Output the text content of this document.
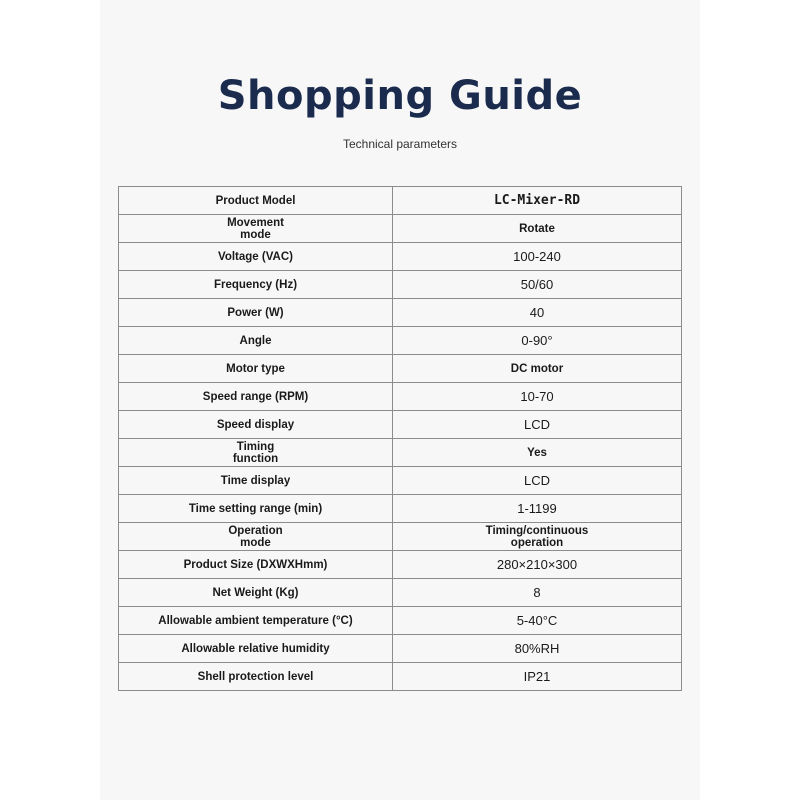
Shopping Guide
Technical parameters
Product Model	LC-Mixer-RD
Movement mode	Rotate
Voltage (VAC)	100-240
Frequency (Hz)	50/60
Power (W)	40
Angle	0-90°
Motor type	DC motor
Speed range (RPM)	10-70
Speed display	LCD
Timing function	Yes
Time display	LCD
Time setting range (min)	1-1199
Operation mode	Timing/continuous operation
Product Size (DXWXHmm)	280×210×300
Net Weight (Kg)	8
Allowable ambient temperature (°C)	5-40°C
Allowable relative humidity	80%RH
Shell protection level	IP21
